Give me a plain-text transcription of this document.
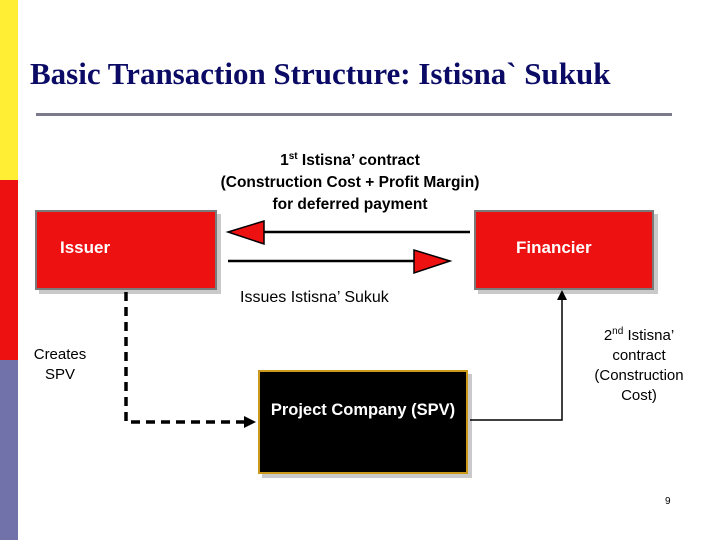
Basic Transaction Structure: Istisna` Sukuk
1st Istisna’ contract
(Construction Cost + Profit Margin)
for deferred payment
Issuer	Financier
Project Company (SPV)
Issues Istisna’ Sukuk
Creates SPV
2nd Istisna’ contract (Construction Cost)
9
